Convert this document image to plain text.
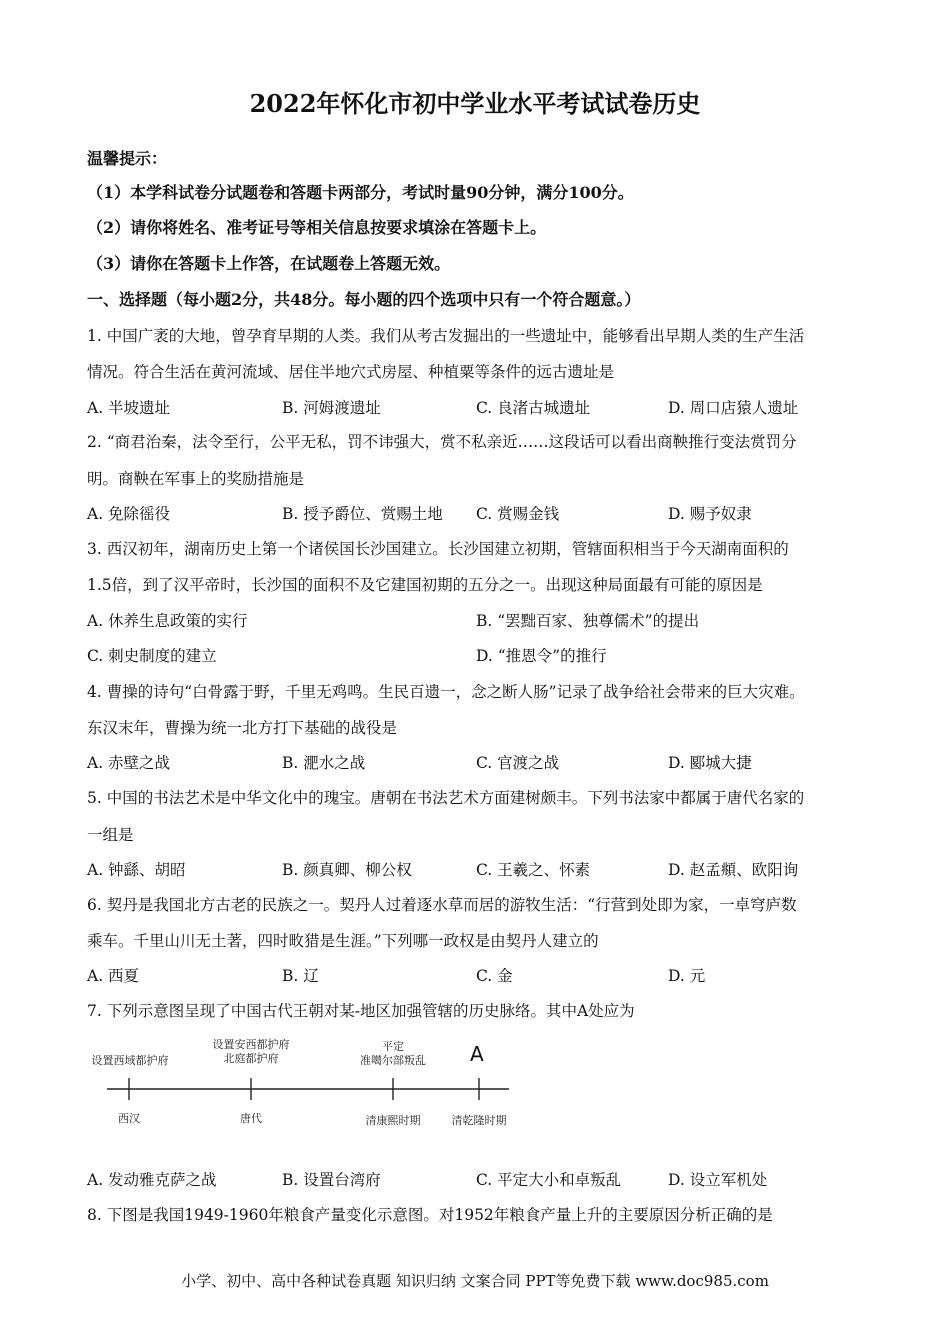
2022年怀化市初中学业水平考试试卷历史
温馨提示：
（1）本学科试卷分试题卷和答题卡两部分，考试时量90分钟，满分100分。
（2）请你将姓名、准考证号等相关信息按要求填涂在答题卡上。
（3）请你在答题卡上作答，在试题卷上答题无效。
一、选择题（每小题2分，共48分。每小题的四个选项中只有一个符合题意。）
1. 中国广袤的大地，曾孕育早期的人类。我们从考古发掘出的一些遗址中，能够看出早期人类的生产生活
情况。符合生活在黄河流域、居住半地穴式房屋、种植粟等条件的远古遗址是
A. 半坡遗址	B. 河姆渡遗址	C. 良渚古城遗址	D. 周口店猿人遗址
2. “商君治秦，法令至行，公平无私，罚不讳强大，赏不私亲近……这段话可以看出商鞅推行变法赏罚分
明。商鞅在军事上的奖励措施是
A. 免除徭役	B. 授予爵位、赏赐土地 C. 赏赐金钱	D. 赐予奴隶
3. 西汉初年，湖南历史上第一个诸侯国长沙国建立。长沙国建立初期，管辖面积相当于今天湖南面积的
1.5倍，到了汉平帝时，长沙国的面积不及它建国初期的五分之一。出现这种局面最有可能的原因是
A. 休养生息政策的实行	B. “罢黜百家、独尊儒术”的提出
C. 刺史制度的建立	D. “推恩令”的推行
4. 曹操的诗句“白骨露于野，千里无鸡鸣。生民百遗一，念之断人肠”记录了战争给社会带来的巨大灾难。
东汉末年，曹操为统一北方打下基础的战役是
A. 赤壁之战	B. 淝水之战	C. 官渡之战	D. 郾城大捷
5. 中国的书法艺术是中华文化中的瑰宝。唐朝在书法艺术方面建树颇丰。下列书法家中都属于唐代名家的
一组是
A. 钟繇、胡昭	B. 颜真卿、柳公权	C. 王羲之、怀素	D. 赵孟頫、欧阳询
6. 契丹是我国北方古老的民族之一。契丹人过着逐水草而居的游牧生活：“行营到处即为家，一卓穹庐数
乘车。千里山川无土著，四时畋猎是生涯。”下列哪一政权是由契丹人建立的
A. 西夏	B. 辽	C. 金	D. 元
7. 下列示意图呈现了中国古代王朝对某-地区加强管辖的历史脉络。其中A处应为
设置西域都护府
设置安西都护府
北庭都护府
平定
准噶尔部叛乱	A
西汉	唐代	清康熙时期	清乾隆时期
A. 发动雅克萨之战	B. 设置台湾府	C. 平定大小和卓叛乱	D. 设立军机处
8. 下图是我国1949-1960年粮食产量变化示意图。对1952年粮食产量上升的主要原因分析正确的是
小学、初中、高中各种试卷真题 知识归纳 文案合同 PPT等免费下载 www.doc985.com
